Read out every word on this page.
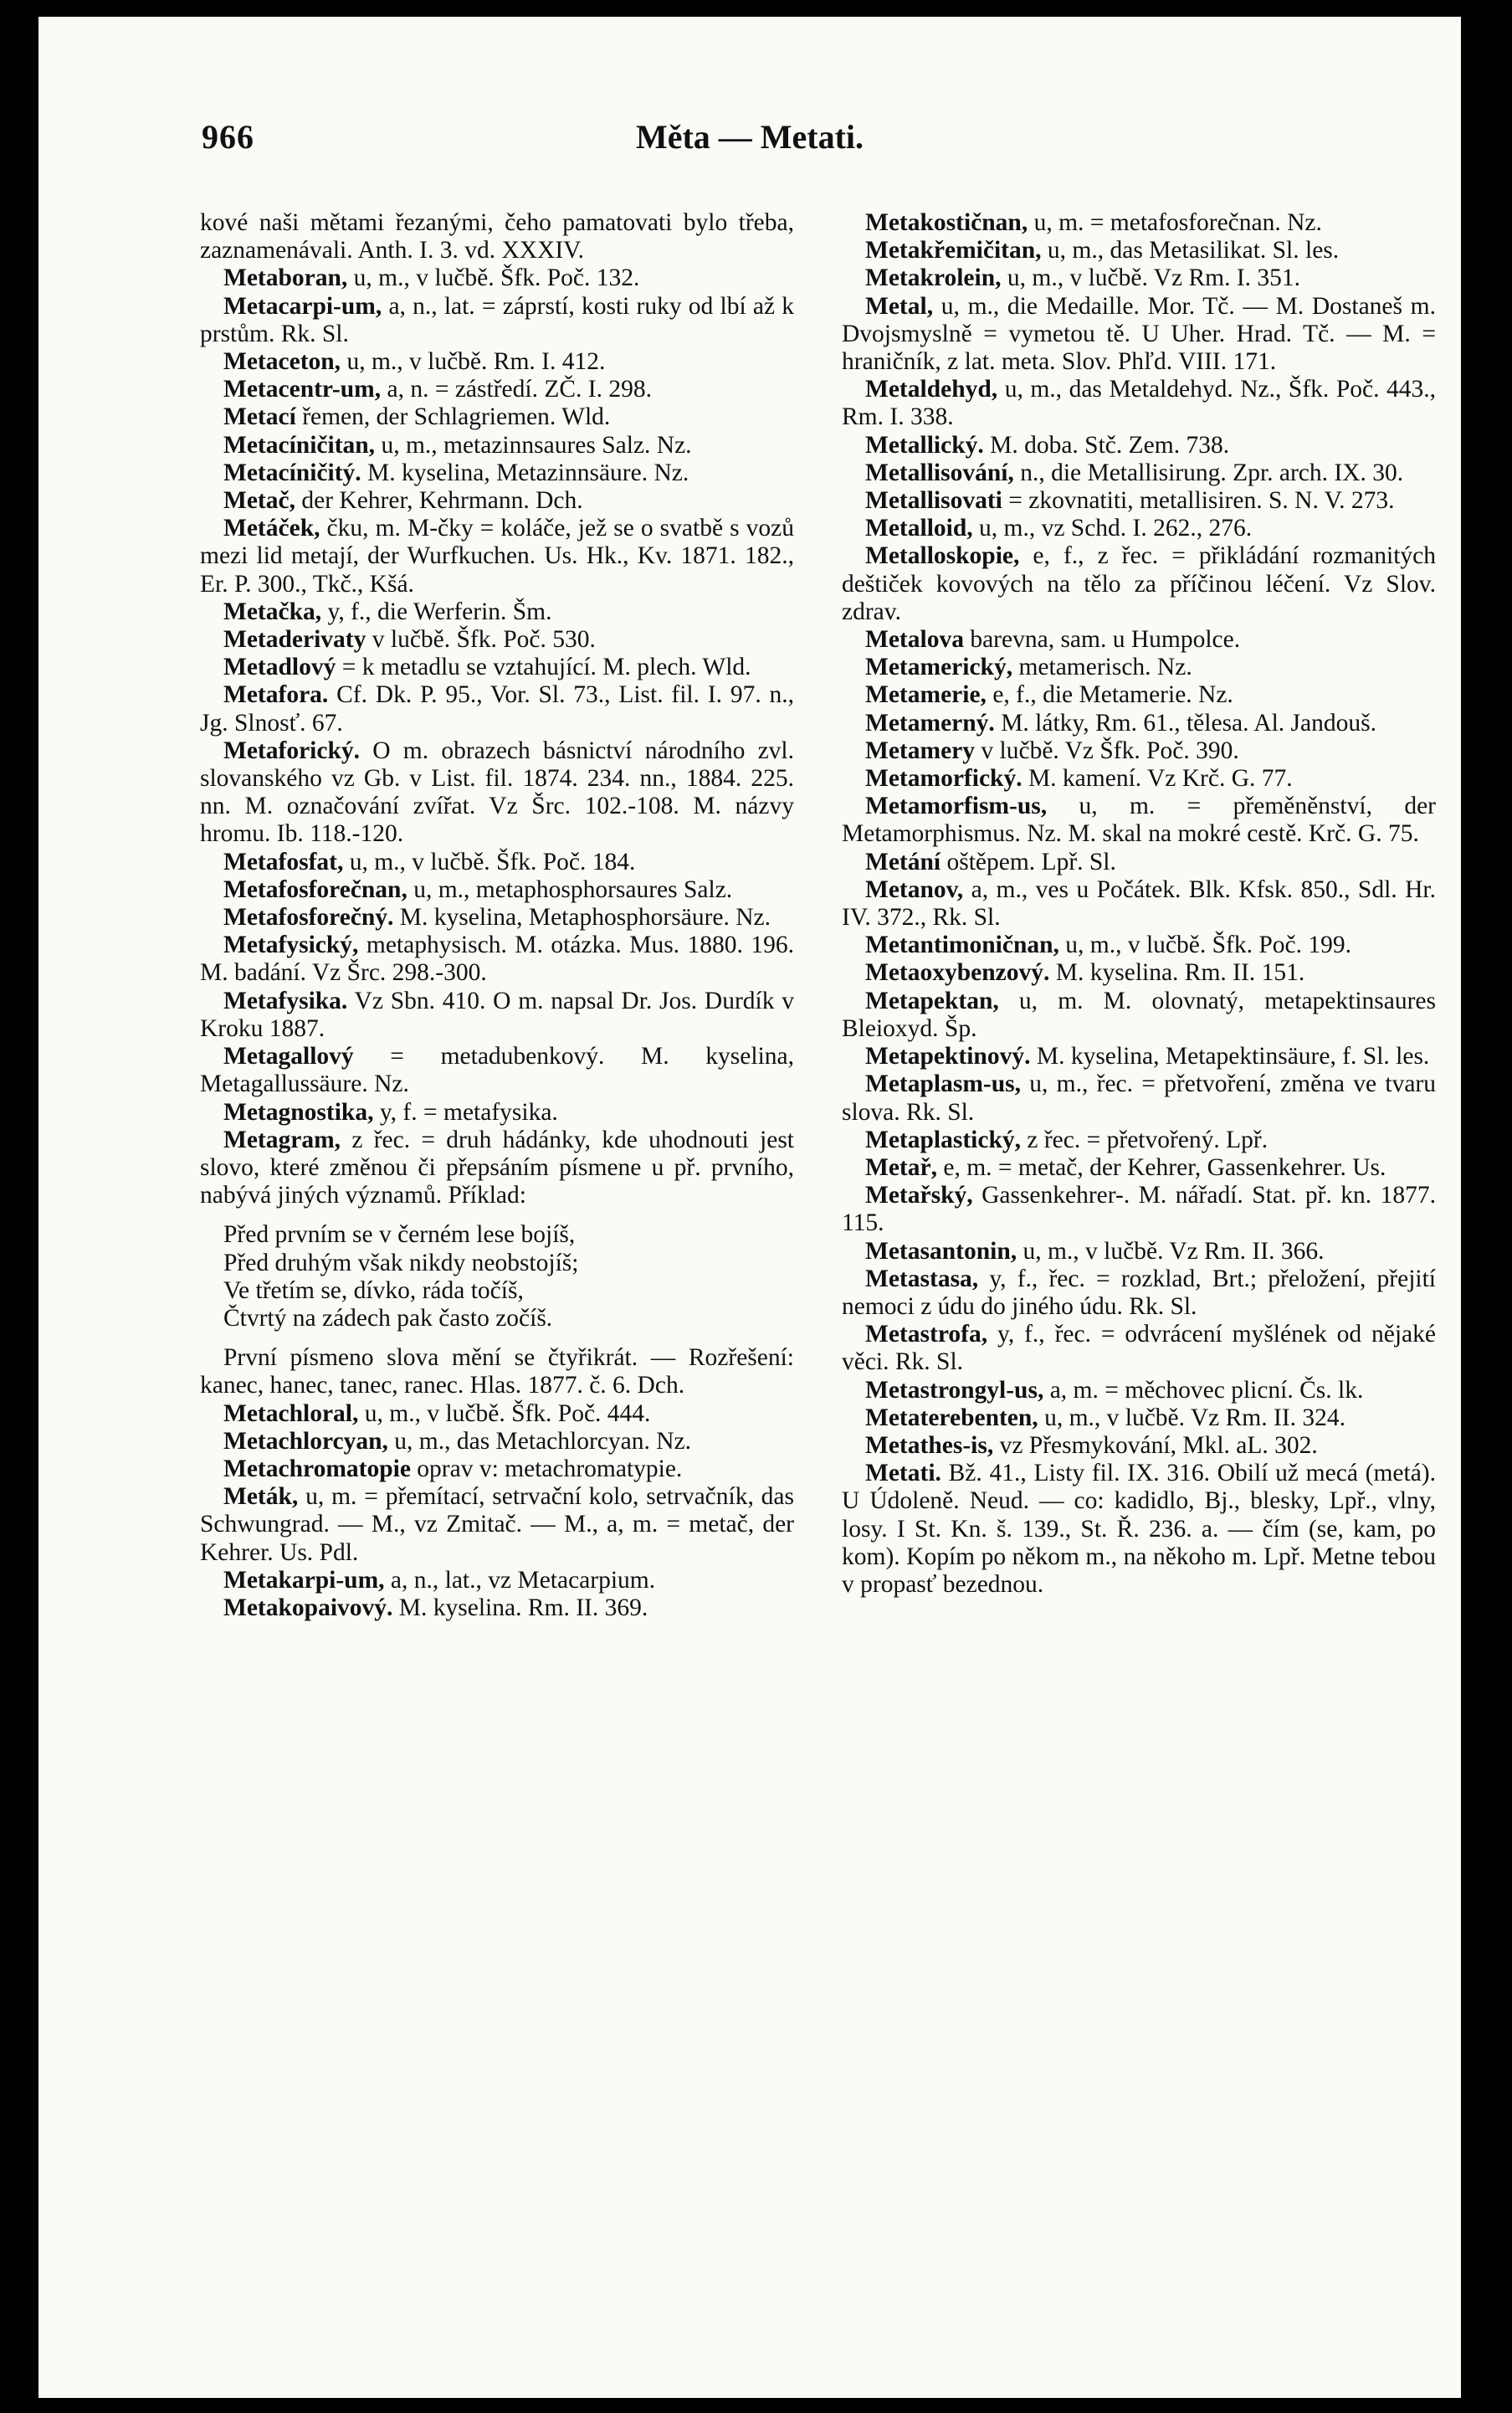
966	Měta — Metati.

kové naši mětami řezanými, čeho pamatovati bylo třeba, zaznamenávali. Anth. I. 3. vd. XXXIV.

Metaboran, u, m., v lučbě. Šfk. Poč. 132.

Metacarpi-um, a, n., lat. = záprstí, kosti ruky od lbí až k prstům. Rk. Sl.

Metaceton, u, m., v lučbě. Rm. I. 412.

Metacentr-um, a, n. = zástředí. ZČ. I. 298.

Metací řemen, der Schlagriemen. Wld.

Metacíničitan, u, m., metazinnsaures Salz. Nz.

Metacíničitý. M. kyselina, Metazinnsäure. Nz.

Metač, der Kehrer, Kehrmann. Dch.

Metáček, čku, m. M-čky = koláče, jež se o svatbě s vozů mezi lid metají, der Wurfkuchen. Us. Hk., Kv. 1871. 182., Er. P. 300., Tkč., Kšá.

Metačka, y, f., die Werferin. Šm.

Metaderivaty v lučbě. Šfk. Poč. 530.

Metadlový = k metadlu se vztahující. M. plech. Wld.

Metafora. Cf. Dk. P. 95., Vor. Sl. 73., List. fil. I. 97. n., Jg. Slnosť. 67.

Metaforický. O m. obrazech básnictví národního zvl. slovanského vz Gb. v List. fil. 1874. 234. nn., 1884. 225. nn. M. označování zvířat. Vz Šrc. 102.-108. M. názvy hromu. Ib. 118.-120.

Metafosfat, u, m., v lučbě. Šfk. Poč. 184.

Metafosforečnan, u, m., metaphosphorsaures Salz.

Metafosforečný. M. kyselina, Metaphosphorsäure. Nz.

Metafysický, metaphysisch. M. otázka. Mus. 1880. 196. M. badání. Vz Šrc. 298.-300.

Metafysika. Vz Sbn. 410. O m. napsal Dr. Jos. Durdík v Kroku 1887.

Metagallový = metadubenkový. M. kyselina, Metagallussäure. Nz.

Metagnostika, y, f. = metafysika.

Metagram, z řec. = druh hádánky, kde uhodnouti jest slovo, které změnou či přepsáním písmene u př. prvního, nabývá jiných významů. Příklad:

Před prvním se v černém lese bojíš,

Před druhým však nikdy neobstojíš;

Ve třetím se, dívko, ráda točíš,

Čtvrtý na zádech pak často zočíš.

První písmeno slova mění se čtyřikrát. — Rozřešení: kanec, hanec, tanec, ranec. Hlas. 1877. č. 6. Dch.

Metachloral, u, m., v lučbě. Šfk. Poč. 444.

Metachlorcyan, u, m., das Metachlorcyan. Nz.

Metachromatopie oprav v: metachromatypie.

Meták, u, m. = přemítací, setrvační kolo, setrvačník, das Schwungrad. — M., vz Zmitač. — M., a, m. = metač, der Kehrer. Us. Pdl.

Metakarpi-um, a, n., lat., vz Metacarpium.

Metakopaivový. M. kyselina. Rm. II. 369.

Metakostičnan, u, m. = metafosforečnan. Nz.

Metakřemičitan, u, m., das Metasilikat. Sl. les.

Metakrolein, u, m., v lučbě. Vz Rm. I. 351.

Metal, u, m., die Medaille. Mor. Tč. — M. Dostaneš m. Dvojsmyslně = vymetou tě. U Uher. Hrad. Tč. — M. = hraničník, z lat. meta. Slov. Phľd. VIII. 171.

Metaldehyd, u, m., das Metaldehyd. Nz., Šfk. Poč. 443., Rm. I. 338.

Metallický. M. doba. Stč. Zem. 738.

Metallisování, n., die Metallisirung. Zpr. arch. IX. 30.

Metallisovati = zkovnatiti, metallisiren. S. N. V. 273.

Metalloid, u, m., vz Schd. I. 262., 276.

Metalloskopie, e, f., z řec. = přikládání rozmanitých deštiček kovových na tělo za příčinou léčení. Vz Slov. zdrav.

Metalova barevna, sam. u Humpolce.

Metamerický, metamerisch. Nz.

Metamerie, e, f., die Metamerie. Nz.

Metamerný. M. látky, Rm. 61., tělesa. Al. Jandouš.

Metamery v lučbě. Vz Šfk. Poč. 390.

Metamorfický. M. kamení. Vz Krč. G. 77.

Metamorfism-us, u, m. = přeměněnství, der Metamorphismus. Nz. M. skal na mokré cestě. Krč. G. 75.

Metání oštěpem. Lpř. Sl.

Metanov, a, m., ves u Počátek. Blk. Kfsk. 850., Sdl. Hr. IV. 372., Rk. Sl.

Metantimoničnan, u, m., v lučbě. Šfk. Poč. 199.

Metaoxybenzový. M. kyselina. Rm. II. 151.

Metapektan, u, m. M. olovnatý, metapektinsaures Bleioxyd. Šp.

Metapektinový. M. kyselina, Metapektinsäure, f. Sl. les.

Metaplasm-us, u, m., řec. = přetvoření, změna ve tvaru slova. Rk. Sl.

Metaplastický, z řec. = přetvořený. Lpř.

Metař, e, m. = metač, der Kehrer, Gassenkehrer. Us.

Metařský, Gassenkehrer-. M. nářadí. Stat. př. kn. 1877. 115.

Metasantonin, u, m., v lučbě. Vz Rm. II. 366.

Metastasa, y, f., řec. = rozklad, Brt.; přeložení, přejití nemoci z údu do jiného údu. Rk. Sl.

Metastrofa, y, f., řec. = odvrácení myšlének od nějaké věci. Rk. Sl.

Metastrongyl-us, a, m. = měchovec plicní. Čs. lk.

Metaterebenten, u, m., v lučbě. Vz Rm. II. 324.

Metathes-is, vz Přesmykování, Mkl. aL. 302.

Metati. Bž. 41., Listy fil. IX. 316. Obilí už mecá (metá). U Údoleně. Neud. — co: kadidlo, Bj., blesky, Lpř., vlny, losy. I St. Kn. š. 139., St. Ř. 236. a. — čím (se, kam, po kom). Kopím po někom m., na někoho m. Lpř. Metne tebou v propasť bezednou.
